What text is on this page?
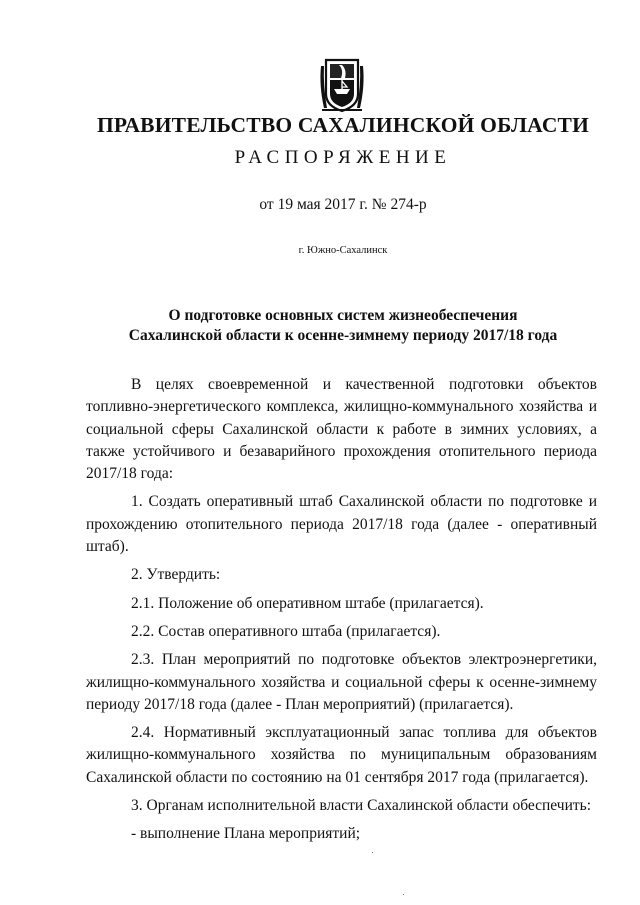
ПРАВИТЕЛЬСТВО САХАЛИНСКОЙ ОБЛАСТИ
РАСПОРЯЖЕНИЕ
от 19 мая 2017 г. № 274-р
г. Южно-Сахалинск
О подготовке основных систем жизнеобеспечения
Сахалинской области к осенне-зимнему периоду 2017/18 года

В целях своевременной и качественной подготовки объектов топливно-энергетического комплекса, жилищно-коммунального хозяйства и социальной сферы Сахалинской области к работе в зимних условиях, а также устойчивого и безаварийного прохождения отопительного периода 2017/18 года:

1. Создать оперативный штаб Сахалинской области по подготовке и прохождению отопительного периода 2017/18 года (далее - оперативный штаб).

2. Утвердить:

2.1. Положение об оперативном штабе (прилагается).

2.2. Состав оперативного штаба (прилагается).

2.3. План мероприятий по подготовке объектов электроэнергетики, жилищно-коммунального хозяйства и социальной сферы к осенне-зимнему периоду 2017/18 года (далее - План мероприятий) (прилагается).

2.4. Нормативный эксплуатационный запас топлива для объектов жилищно-коммунального хозяйства по муниципальным образованиям Сахалинской области по состоянию на 01 сентября 2017 года (прилагается).

3. Органам исполнительной власти Сахалинской области обеспечить:

- выполнение Плана мероприятий;
